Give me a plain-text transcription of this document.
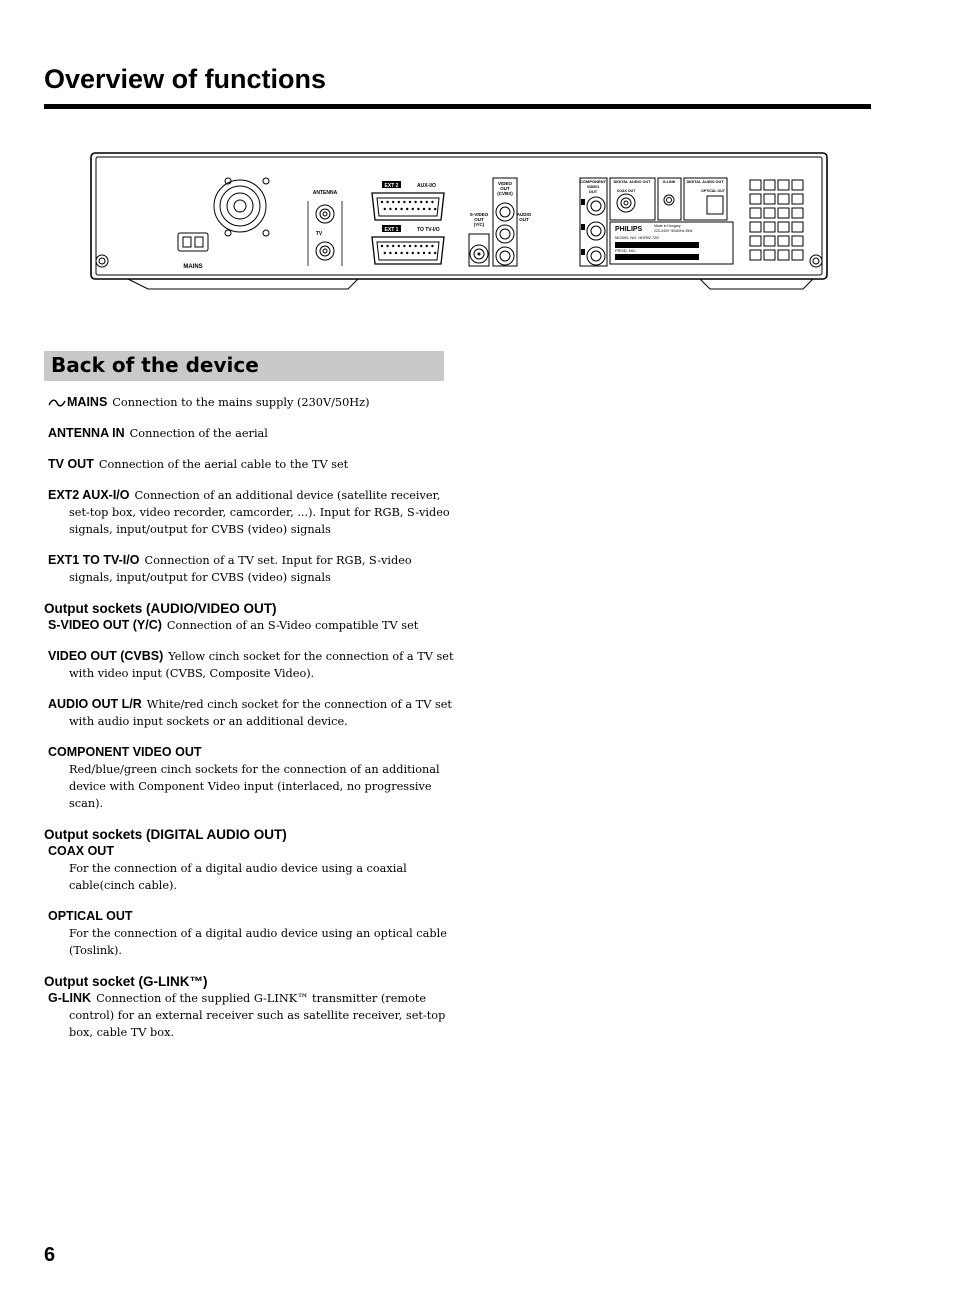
Overview of functions
MAINS
ANTENNA
TV
EXT 2	AUX-I/O
EXT 1	TO TV-I/O
S-VIDEO
OUT
(Y/C)
VIDEO
OUT
(CVBS)
AUDIO
OUT
COMPONENT
VIDEO
OUT
DIGITAL AUDIO OUT
COAX OUT
G-LINK	DIGITAL AUDIO OUT
OPTICAL OUT
PHILIPS	Made in Hungary
220-240V~50/60Hz 25W
MODEL NO. HDRW 720
PROD. NO.
Back of the device
MAINS Connection to the mains supply (230V/50Hz)
ANTENNA IN Connection of the aerial
TV OUT Connection of the aerial cable to the TV set
EXT2 AUX-I/O Connection of an additional device (satellite receiver, set-top box, video recorder, camcorder, ...). Input for RGB, S-video signals, input/output for CVBS (video) signals
EXT1 TO TV-I/O Connection of a TV set. Input for RGB, S-video signals, input/output for CVBS (video) signals
Output sockets (AUDIO/VIDEO OUT)
S-VIDEO OUT (Y/C) Connection of an S-Video compatible TV set
VIDEO OUT (CVBS) Yellow cinch socket for the connection of a TV set with video input (CVBS, Composite Video).
AUDIO OUT L/R White/red cinch socket for the connection of a TV set with audio input sockets or an additional device.
COMPONENT VIDEO OUT
Red/blue/green cinch sockets for the connection of an additional device with Component Video input (interlaced, no progressive scan).
Output sockets (DIGITAL AUDIO OUT)
COAX OUT
For the connection of a digital audio device using a coaxial cable(cinch cable).
OPTICAL OUT
For the connection of a digital audio device using an optical cable (Toslink).
Output socket (G-LINK™)
G-LINK Connection of the supplied G-LINK™ transmitter (remote control) for an external receiver such as satellite receiver, set-top box, cable TV box.
6
